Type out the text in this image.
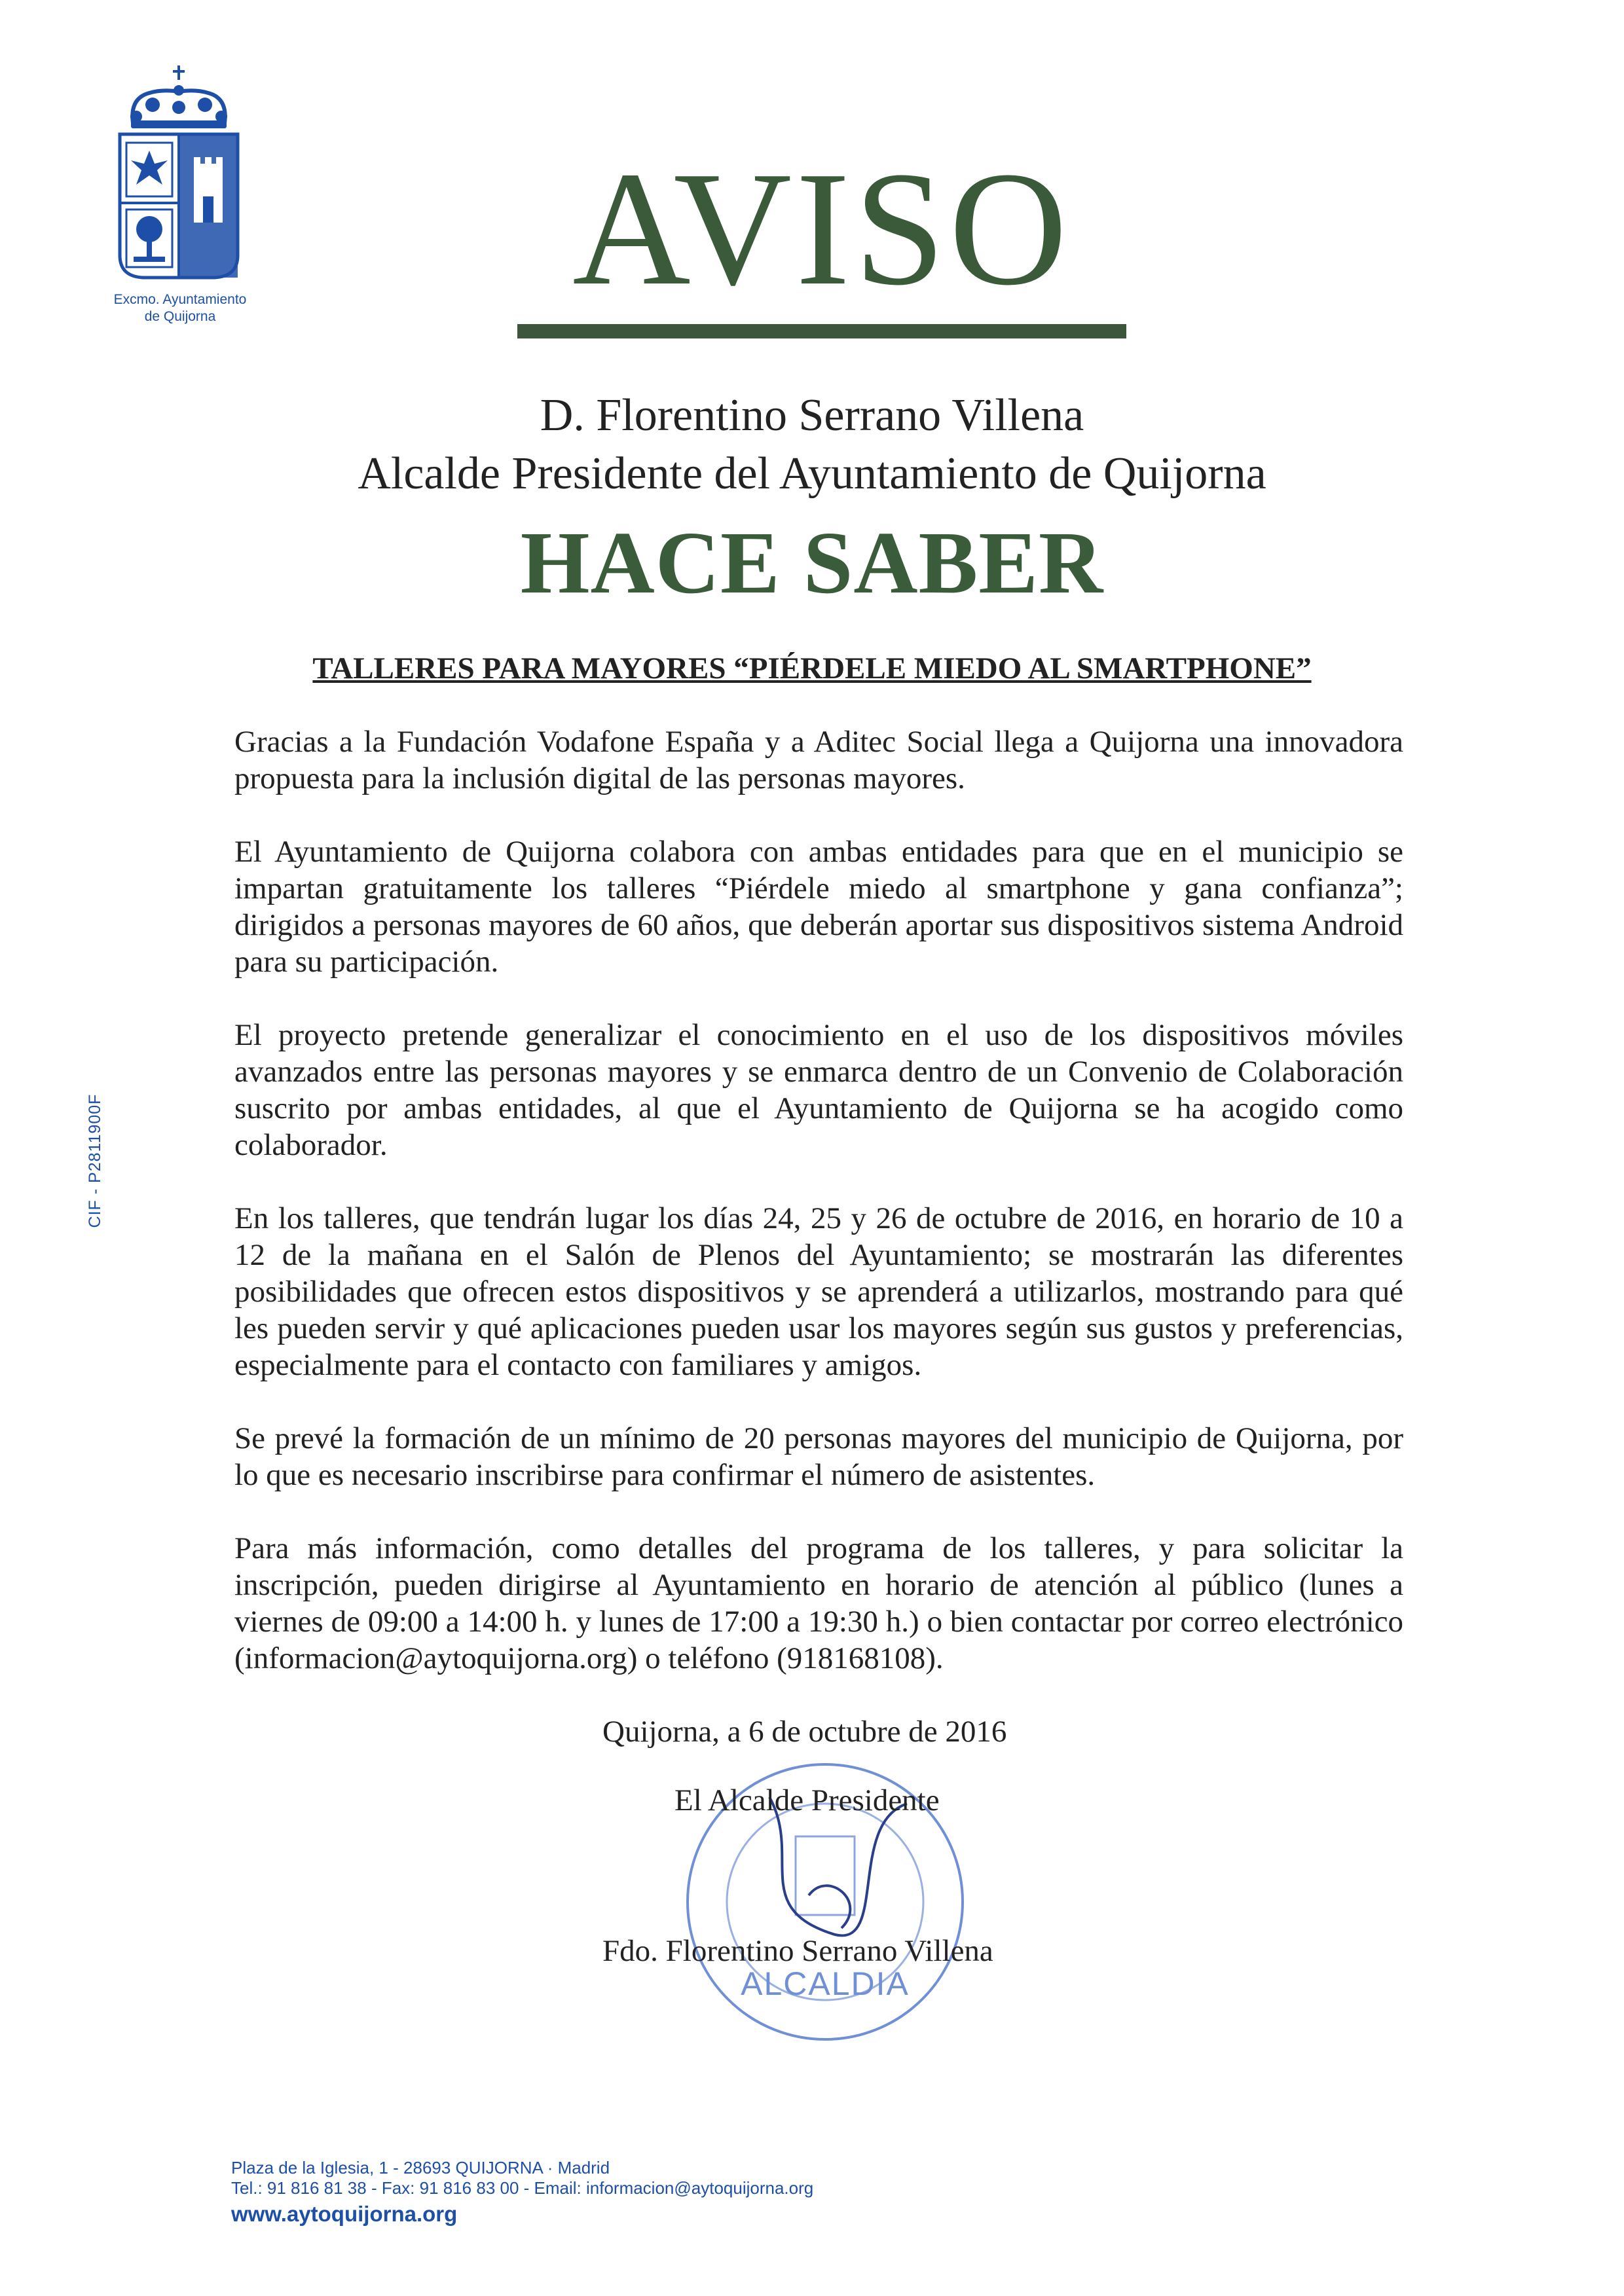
Excmo. Ayuntamiento
de Quijorna	AVISO
D. Florentino Serrano Villena
Alcalde Presidente del Ayuntamiento de Quijorna
HACE SABER
TALLERES PARA MAYORES “PIÉRDELE MIEDO AL SMARTPHONE”

Gracias a la Fundación Vodafone España y a Aditec Social llega a Quijorna una innovadora propuesta para la inclusión digital de las personas mayores.

El Ayuntamiento de Quijorna colabora con ambas entidades para que en el municipio se impartan gratuitamente los talleres “Piérdele miedo al smartphone y gana confianza”; dirigidos a personas mayores de 60 años, que deberán aportar sus dispositivos sistema Android para su participación.

El proyecto pretende generalizar el conocimiento en el uso de los dispositivos móviles avanzados entre las personas mayores y se enmarca dentro de un Convenio de Colaboración suscrito por ambas entidades, al que el Ayuntamiento de Quijorna se ha acogido como colaborador.

En los talleres, que tendrán lugar los días 24, 25 y 26 de octubre de 2016, en horario de 10 a 12 de la mañana en el Salón de Plenos del Ayuntamiento; se mostrarán las diferentes posibilidades que ofrecen estos dispositivos y se aprenderá a utilizarlos, mostrando para qué les pueden servir y qué aplicaciones pueden usar los mayores según sus gustos y preferencias, especialmente para el contacto con familiares y amigos.

Se prevé la formación de un mínimo de 20 personas mayores del municipio de Quijorna, por lo que es necesario inscribirse para confirmar el número de asistentes.

Para más información, como detalles del programa de los talleres, y para solicitar la inscripción, pueden dirigirse al Ayuntamiento en horario de atención al público (lunes a viernes de 09:00 a 14:00 h. y lunes de 17:00 a 19:30 h.) o bien contactar por correo electrónico (informacion@aytoquijorna.org) o teléfono (918168108).

ALCALDIA
Quijorna, a 6 de octubre de 2016
El Alcalde Presidente
Fdo. Florentino Serrano Villena
CIF - P2811900F
Plaza de la Iglesia, 1 - 28693 QUIJORNA · Madrid
Tel.: 91 816 81 38 - Fax: 91 816 83 00 - Email: informacion@aytoquijorna.org
www.aytoquijorna.org
